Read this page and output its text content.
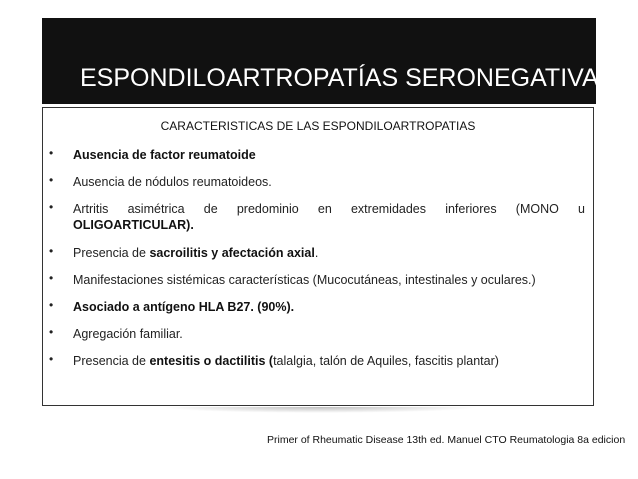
ESPONDILOARTROPATÍAS SERONEGATIVAS
CARACTERISTICAS DE LAS ESPONDILOARTROPATIAS
• Ausencia de factor reumatoide
• Ausencia de nódulos reumatoideos.
• Artritis asimétrica de predominio en extremidades inferiores (MONO u
OLIGOARTICULAR).
• Presencia de sacroilitis y afectación axial.
• Manifestaciones sistémicas características (Mucocutáneas, intestinales y oculares.)
• Asociado a antígeno HLA B27. (90%).
• Agregación familiar.
• Presencia de entesitis o dactilitis (talalgia, talón de Aquiles, fascitis plantar)
Primer of Rheumatic Disease 13th ed. Manuel CTO Reumatologia 8a edicion
